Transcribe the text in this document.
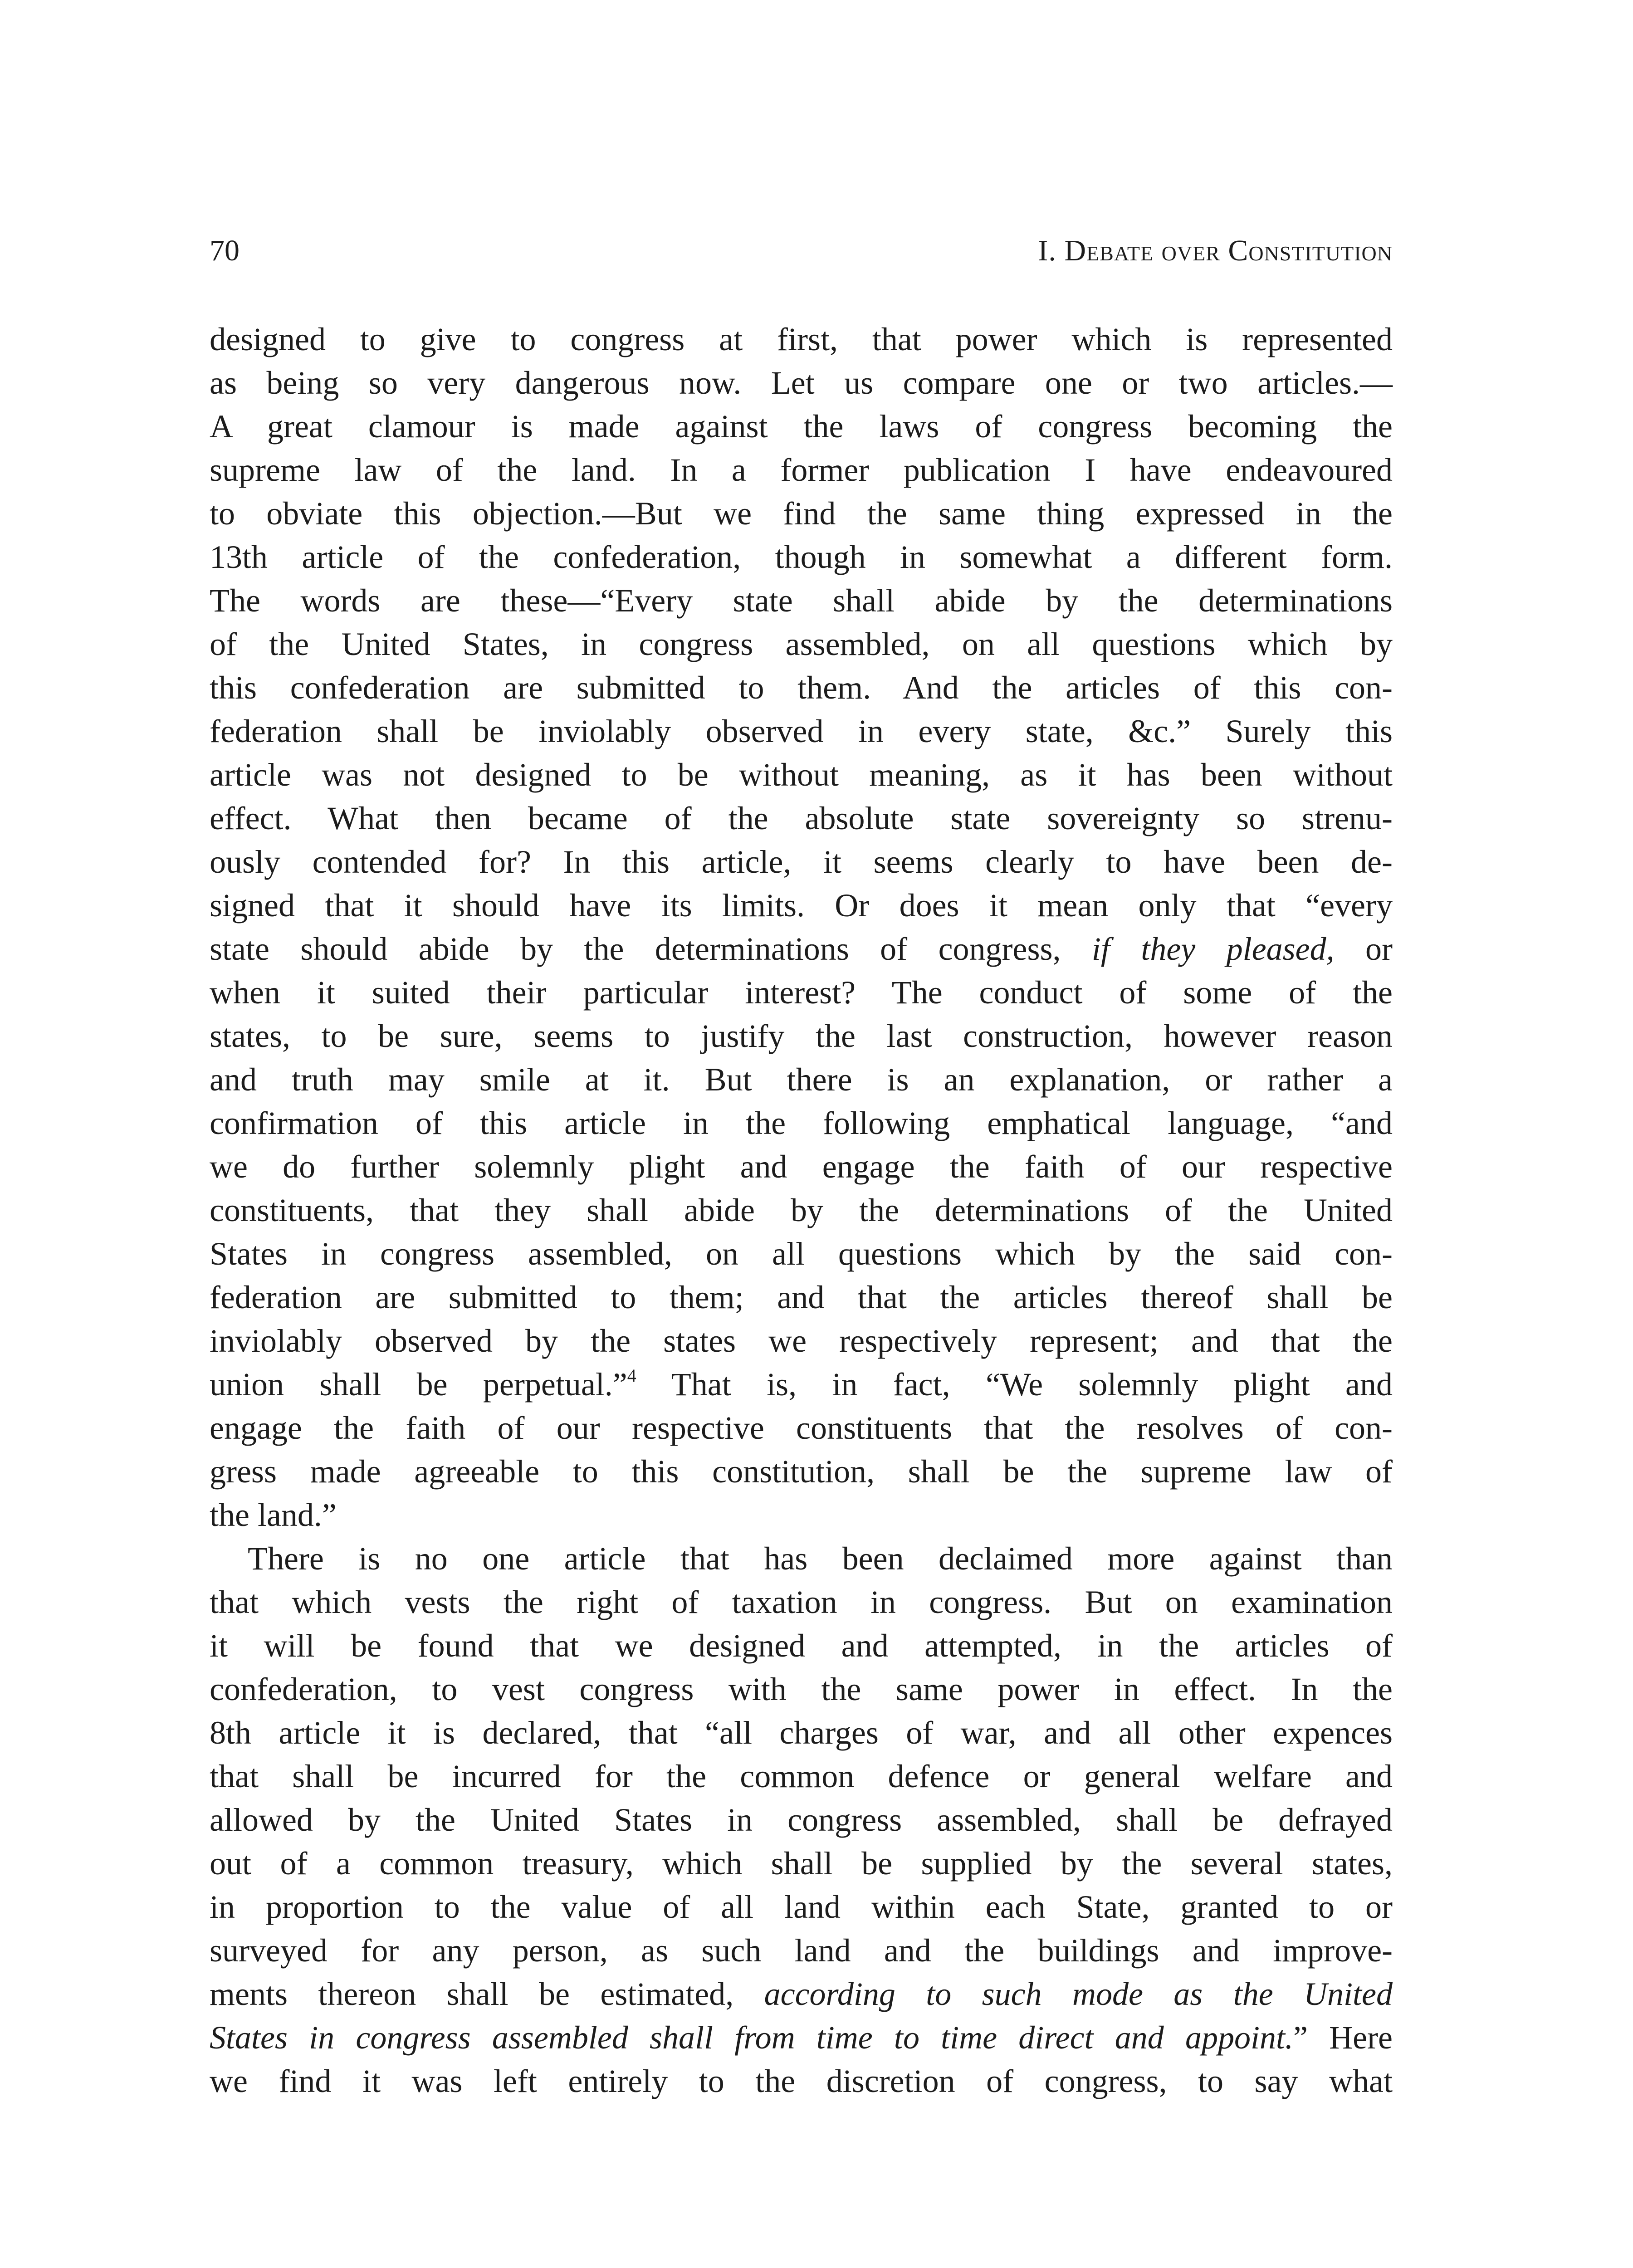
70	I. Debate over Constitution
designed to give to congress at first, that power which is represented
as being so very dangerous now. Let us compare one or two articles.—
A great clamour is made against the laws of congress becoming the
supreme law of the land. In a former publication I have endeavoured
to obviate this objection.—But we find the same thing expressed in the
13th article of the confederation, though in somewhat a different form.
The words are these—“Every state shall abide by the determinations
of the United States, in congress assembled, on all questions which by
this confederation are submitted to them. And the articles of this con-
federation shall be inviolably observed in every state, &c.” Surely this
article was not designed to be without meaning, as it has been without
effect. What then became of the absolute state sovereignty so strenu-
ously contended for? In this article, it seems clearly to have been de-
signed that it should have its limits. Or does it mean only that “every
state should abide by the determinations of congress, if they pleased, or
when it suited their particular interest? The conduct of some of the
states, to be sure, seems to justify the last construction, however reason
and truth may smile at it. But there is an explanation, or rather a
confirmation of this article in the following emphatical language, “and
we do further solemnly plight and engage the faith of our respective
constituents, that they shall abide by the determinations of the United
States in congress assembled, on all questions which by the said con-
federation are submitted to them; and that the articles thereof shall be
inviolably observed by the states we respectively represent; and that the
union shall be perpetual.”$^4$ That is, in fact, “We solemnly plight and
engage the faith of our respective constituents that the resolves of con-
gress made agreeable to this constitution, shall be the supreme law of
the land.”
There is no one article that has been declaimed more against than
that which vests the right of taxation in congress. But on examination
it will be found that we designed and attempted, in the articles of
confederation, to vest congress with the same power in effect. In the
8th article it is declared, that “all charges of war, and all other expences
that shall be incurred for the common defence or general welfare and
allowed by the United States in congress assembled, shall be defrayed
out of a common treasury, which shall be supplied by the several states,
in proportion to the value of all land within each State, granted to or
surveyed for any person, as such land and the buildings and improve-
ments thereon shall be estimated, according to such mode as the United
States in congress assembled shall from time to time direct and appoint.” Here
we find it was left entirely to the discretion of congress, to say what
